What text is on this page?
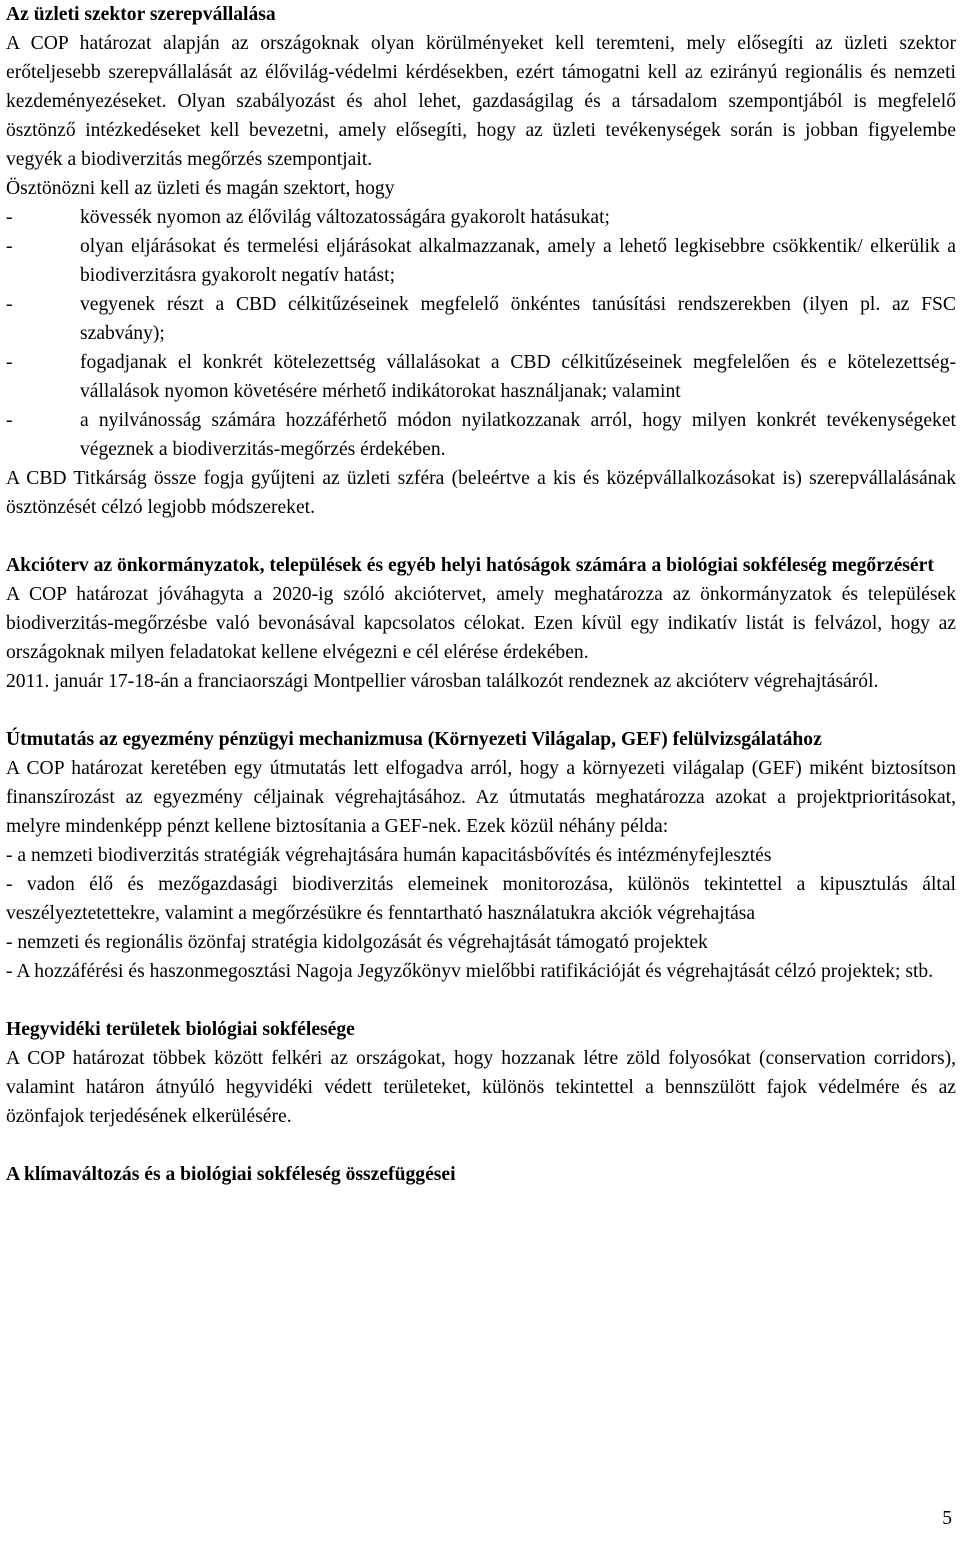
Az üzleti szektor szerepvállalása
A COP határozat alapján az országoknak olyan körülményeket kell teremteni, mely elősegíti az üzleti szektor erőteljesebb szerepvállalását az élővilág-védelmi kérdésekben, ezért támogatni kell az ezirányú regionális és nemzeti kezdeményezéseket. Olyan szabályozást és ahol lehet, gazdaságilag és a társadalom szempontjából is megfelelő ösztönző intézkedéseket kell bevezetni, amely elősegíti, hogy az üzleti tevékenységek során is jobban figyelembe vegyék a biodiverzitás megőrzés szempontjait.
Ösztönözni kell az üzleti és magán szektort, hogy
-	kövessék nyomon az élővilág változatosságára gyakorolt hatásukat;
-	olyan eljárásokat és termelési eljárásokat alkalmazzanak, amely a lehető legkisebbre csökkentik/ elkerülik a biodiverzitásra gyakorolt negatív hatást;
-	vegyenek részt a CBD célkitűzéseinek megfelelő önkéntes tanúsítási rendszerekben (ilyen pl. az FSC szabvány);
-	fogadjanak el konkrét kötelezettség vállalásokat a CBD célkitűzéseinek megfelelően és e kötelezettség-vállalások nyomon követésére mérhető indikátorokat használjanak; valamint
-	a nyilvánosság számára hozzáférhető módon nyilatkozzanak arról, hogy milyen konkrét tevékenységeket végeznek a biodiverzitás-megőrzés érdekében.
A CBD Titkárság össze fogja gyűjteni az üzleti szféra (beleértve a kis és középvállalkozásokat is) szerepvállalásának ösztönzését célzó legjobb módszereket.
Akcióterv az önkormányzatok, települések és egyéb helyi hatóságok számára a biológiai sokféleség megőrzésért
A COP határozat jóváhagyta a 2020-ig szóló akciótervet, amely meghatározza az önkormányzatok és települések biodiverzitás-megőrzésbe való bevonásával kapcsolatos célokat. Ezen kívül egy indikatív listát is felvázol, hogy az országoknak milyen feladatokat kellene elvégezni e cél elérése érdekében.
2011. január 17-18-án a franciaországi Montpellier városban találkozót rendeznek az akcióterv végrehajtásáról.
Útmutatás az egyezmény pénzügyi mechanizmusa (Környezeti Világalap, GEF) felülvizsgálatához
A COP határozat keretében egy útmutatás lett elfogadva arról, hogy a környezeti világalap (GEF) miként biztosítson finanszírozást az egyezmény céljainak végrehajtásához. Az útmutatás meghatározza azokat a projektprioritásokat, melyre mindenképp pénzt kellene biztosítania a GEF-nek. Ezek közül néhány példa:
- a nemzeti biodiverzitás stratégiák végrehajtására humán kapacitásbővítés és intézményfejlesztés
- vadon élő és mezőgazdasági biodiverzitás elemeinek monitorozása, különös tekintettel a kipusztulás által veszélyeztetettekre, valamint a megőrzésükre és fenntartható használatukra akciók végrehajtása
- nemzeti és regionális özönfaj stratégia kidolgozását és végrehajtását támogató projektek
- A hozzáférési és haszonmegosztási Nagoja Jegyzőkönyv mielőbbi ratifikációját és végrehajtását célzó projektek; stb.
Hegyvidéki területek biológiai sokfélesége
A COP határozat többek között felkéri az országokat, hogy hozzanak létre zöld folyosókat (conservation corridors), valamint határon átnyúló hegyvidéki védett területeket, különös tekintettel a bennszülött fajok védelmére és az özönfajok terjedésének elkerülésére.
A klímaváltozás és a biológiai sokféleség összefüggései
5
